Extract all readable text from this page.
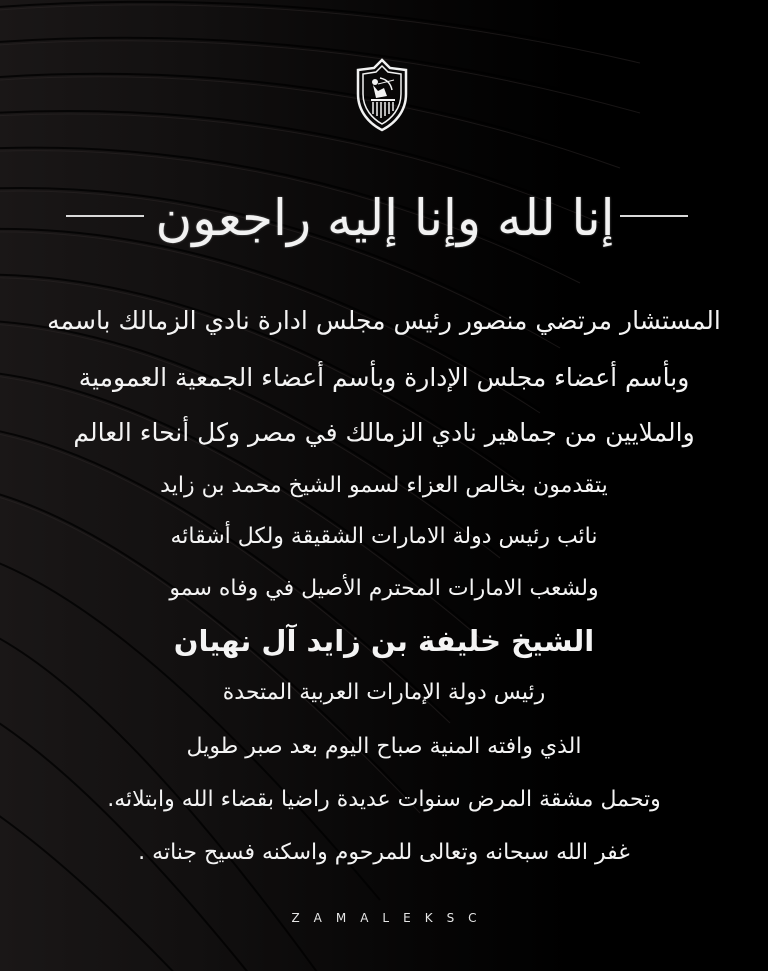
إنا لله وإنا إليه راجعون
المستشار مرتضي منصور رئيس مجلس ادارة نادي الزمالك باسمه
وبأسم أعضاء مجلس الإدارة وبأسم أعضاء الجمعية العمومية
والملايين من جماهير نادي الزمالك في مصر وكل أنحاء العالم
يتقدمون بخالص العزاء لسمو الشيخ محمد بن زايد
نائب رئيس دولة الامارات الشقيقة ولكل أشقائه
ولشعب الامارات المحترم الأصيل في وفاه سمو
الشيخ خليفة بن زايد آل نهيان
رئيس دولة الإمارات العربية المتحدة
الذي وافته المنية صباح اليوم بعد صبر طويل
وتحمل مشقة المرض سنوات عديدة راضيا بقضاء الله وابتلائه.
غفر الله سبحانه وتعالى للمرحوم واسكنه فسيح جناته .
ZAMALEKSC
